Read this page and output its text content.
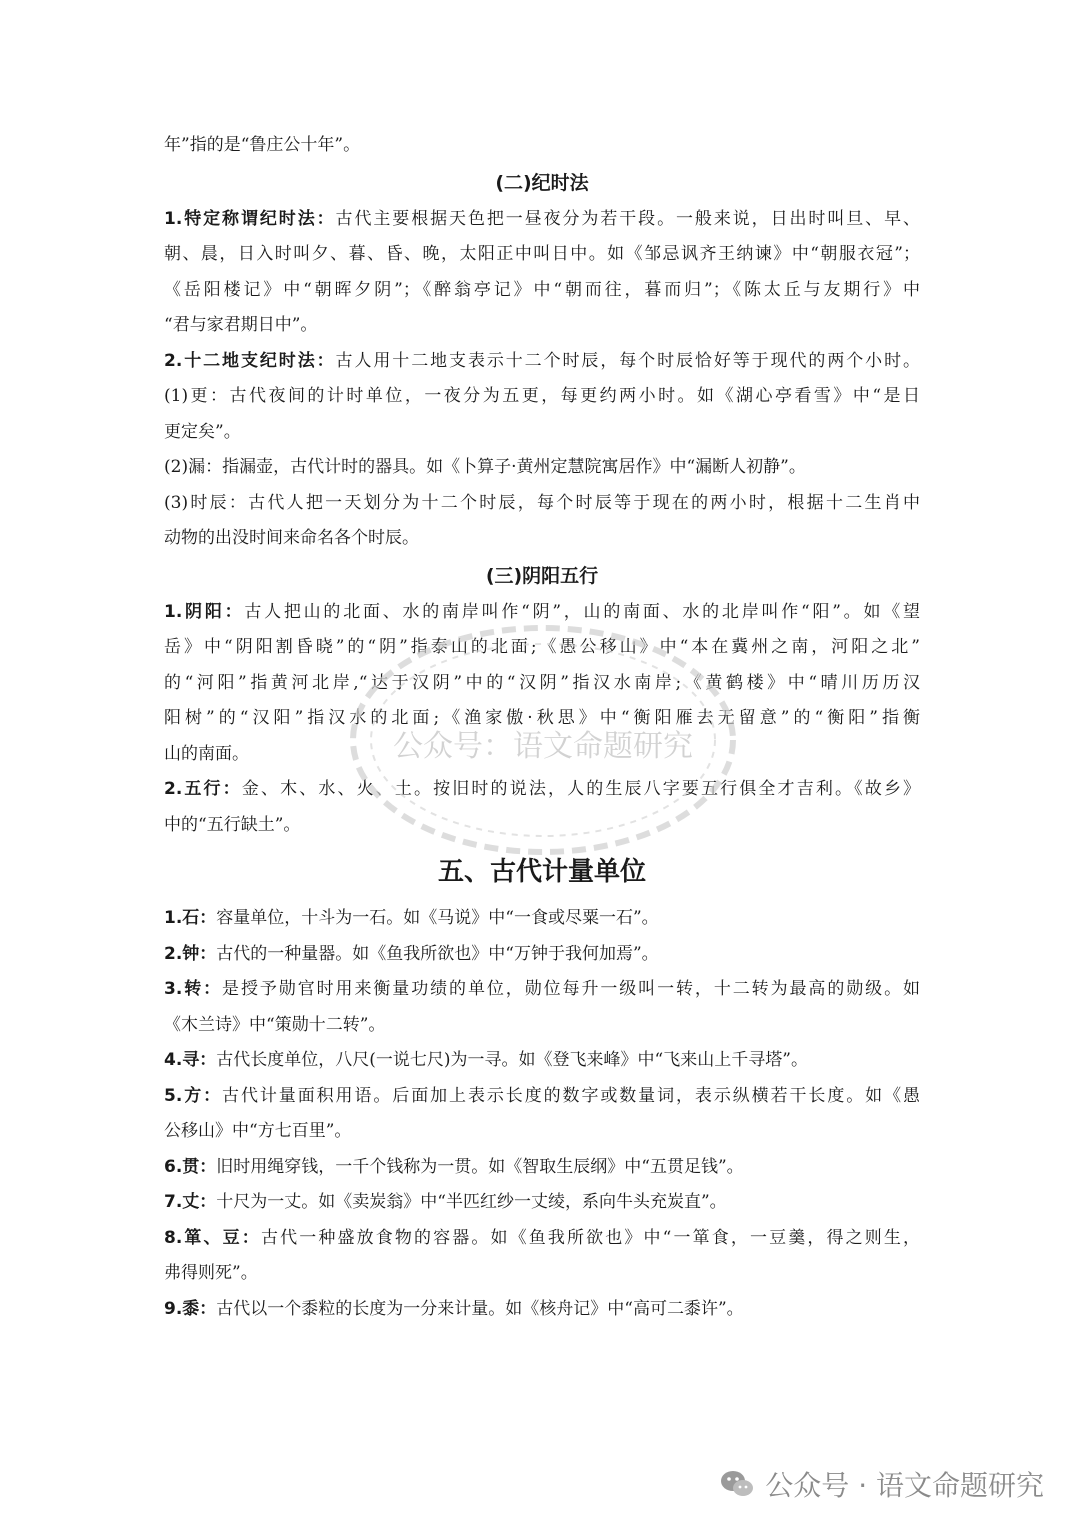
年”指的是“鲁庄公十年”。
(二)纪时法
1.特定称谓纪时法：古代主要根据天色把一昼夜分为若干段。一般来说，日出时叫旦、早、
朝、晨，日入时叫夕、暮、昏、晚，太阳正中叫日中。如《邹忌讽齐王纳谏》中“朝服衣冠”；
《岳阳楼记》中“朝晖夕阴”；《醉翁亭记》中“朝而往，暮而归”；《陈太丘与友期行》中
“君与家君期日中”。
2.十二地支纪时法：古人用十二地支表示十二个时辰，每个时辰恰好等于现代的两个小时。
(1)更：古代夜间的计时单位，一夜分为五更，每更约两小时。如《湖心亭看雪》中“是日
更定矣”。
(2)漏：指漏壶，古代计时的器具。如《卜算子·黄州定慧院寓居作》中“漏断人初静”。
(3)时辰：古代人把一天划分为十二个时辰，每个时辰等于现在的两小时，根据十二生肖中
动物的出没时间来命名各个时辰。
(三)阴阳五行
1.阴阳：古人把山的北面、水的南岸叫作“阴”，山的南面、水的北岸叫作“阳”。如《望
岳》中“阴阳割昏晓”的“阴”指泰山的北面;《愚公移山》中“本在冀州之南，河阳之北”
的“河阳”指黄河北岸,“达于汉阴”中的“汉阴”指汉水南岸;《黄鹤楼》中“晴川历历汉
阳树”的“汉阳”指汉水的北面;《渔家傲·秋思》中“衡阳雁去无留意”的“衡阳”指衡
山的南面。
2.五行：金、木、水、火、土。按旧时的说法，人的生辰八字要五行俱全才吉利。《故乡》
中的“五行缺土”。
五、古代计量单位
1.石：容量单位，十斗为一石。如《马说》中“一食或尽粟一石”。
2.钟：古代的一种量器。如《鱼我所欲也》中“万钟于我何加焉”。
3.转：是授予勋官时用来衡量功绩的单位，勋位每升一级叫一转，十二转为最高的勋级。如
《木兰诗》中“策勋十二转”。
4.寻：古代长度单位，八尺(一说七尺)为一寻。如《登飞来峰》中“飞来山上千寻塔”。
5.方：古代计量面积用语。后面加上表示长度的数字或数量词，表示纵横若干长度。如《愚
公移山》中“方七百里”。
6.贯：旧时用绳穿钱，一千个钱称为一贯。如《智取生辰纲》中“五贯足钱”。
7.丈：十尺为一丈。如《卖炭翁》中“半匹红纱一丈绫，系向牛头充炭直”。
8.箪、豆：古代一种盛放食物的容器。如《鱼我所欲也》中“一箪食，一豆羹，得之则生，
弗得则死”。
9.黍：古代以一个黍粒的长度为一分来计量。如《核舟记》中“高可二黍许”。
公众号：语文命题研究
公众号 · 语文命题研究
